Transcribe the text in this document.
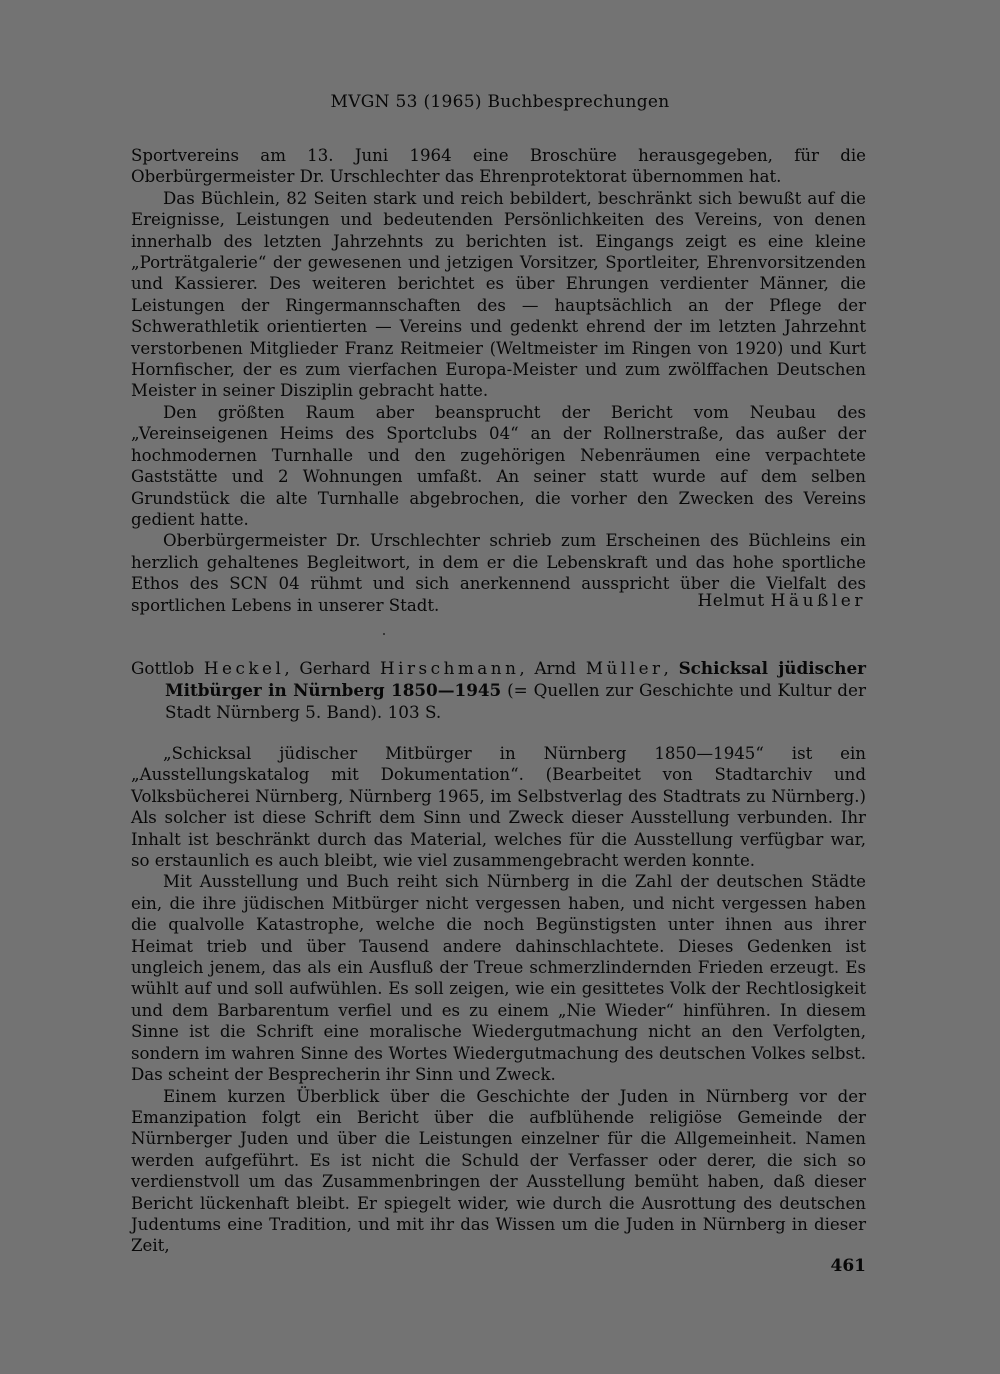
MVGN 53 (1965) Buchbesprechungen

Sportvereins am 13. Juni 1964 eine Broschüre herausgegeben, für die Oberbürgermeister Dr. Urschlechter das Ehrenprotektorat übernommen hat.

Das Büchlein, 82 Seiten stark und reich bebildert, beschränkt sich bewußt auf die Ereignisse, Leistungen und bedeutenden Persönlichkeiten des Vereins, von denen innerhalb des letzten Jahrzehnts zu berichten ist. Eingangs zeigt es eine kleine „Porträtgalerie“ der gewesenen und jetzigen Vorsitzer, Sportleiter, Ehrenvorsitzenden und Kassierer. Des weiteren berichtet es über Ehrungen verdienter Männer, die Leistungen der Ringermannschaften des — hauptsächlich an der Pflege der Schwerathletik orientierten — Vereins und gedenkt ehrend der im letzten Jahrzehnt verstorbenen Mitglieder Franz Reitmeier (Weltmeister im Ringen von 1920) und Kurt Hornfischer, der es zum vierfachen Europa-Meister und zum zwölffachen Deutschen Meister in seiner Disziplin gebracht hatte.

Den größten Raum aber beansprucht der Bericht vom Neubau des „Vereinseigenen Heims des Sportclubs 04“ an der Rollnerstraße, das außer der hochmodernen Turnhalle und den zugehörigen Nebenräumen eine verpachtete Gaststätte und 2 Wohnungen umfaßt. An seiner statt wurde auf dem selben Grundstück die alte Turnhalle abgebrochen, die vorher den Zwecken des Vereins gedient hatte.

Oberbürgermeister Dr. Urschlechter schrieb zum Erscheinen des Büchleins ein herzlich gehaltenes Begleitwort, in dem er die Lebenskraft und das hohe sportliche Ethos des SCN 04 rühmt und sich anerkennend ausspricht über die Vielfalt des sportlichen Lebens in unserer Stadt.	Helmut Häußler
Gottlob Heckel, Gerhard Hirschmann, Arnd Müller, Schicksal jüdischer Mitbürger in Nürnberg 1850—1945 (= Quellen zur Geschichte und Kultur der Stadt Nürnberg 5. Band). 103 S.

„Schicksal jüdischer Mitbürger in Nürnberg 1850—1945“ ist ein „Ausstellungskatalog mit Dokumentation“. (Bearbeitet von Stadtarchiv und Volksbücherei Nürnberg, Nürnberg 1965, im Selbstverlag des Stadtrats zu Nürnberg.) Als solcher ist diese Schrift dem Sinn und Zweck dieser Ausstellung verbunden. Ihr Inhalt ist beschränkt durch das Material, welches für die Ausstellung verfügbar war, so erstaunlich es auch bleibt, wie viel zusammengebracht werden konnte.

Mit Ausstellung und Buch reiht sich Nürnberg in die Zahl der deutschen Städte ein, die ihre jüdischen Mitbürger nicht vergessen haben, und nicht vergessen haben die qualvolle Katastrophe, welche die noch Begünstigsten unter ihnen aus ihrer Heimat trieb und über Tausend andere dahinschlachtete. Dieses Gedenken ist ungleich jenem, das als ein Ausfluß der Treue schmerzlindernden Frieden erzeugt. Es wühlt auf und soll aufwühlen. Es soll zeigen, wie ein gesittetes Volk der Rechtlosigkeit und dem Barbarentum verfiel und es zu einem „Nie Wieder“ hinführen. In diesem Sinne ist die Schrift eine moralische Wiedergutmachung nicht an den Verfolgten, sondern im wahren Sinne des Wortes Wiedergutmachung des deutschen Volkes selbst. Das scheint der Besprecherin ihr Sinn und Zweck.

Einem kurzen Überblick über die Geschichte der Juden in Nürnberg vor der Emanzipation folgt ein Bericht über die aufblühende religiöse Gemeinde der Nürnberger Juden und über die Leistungen einzelner für die Allgemeinheit. Namen werden aufgeführt. Es ist nicht die Schuld der Verfasser oder derer, die sich so verdienstvoll um das Zusammenbringen der Ausstellung bemüht haben, daß dieser Bericht lückenhaft bleibt. Er spiegelt wider, wie durch die Ausrottung des deutschen Judentums eine Tradition, und mit ihr das Wissen um die Juden in Nürnberg in dieser Zeit,

461
